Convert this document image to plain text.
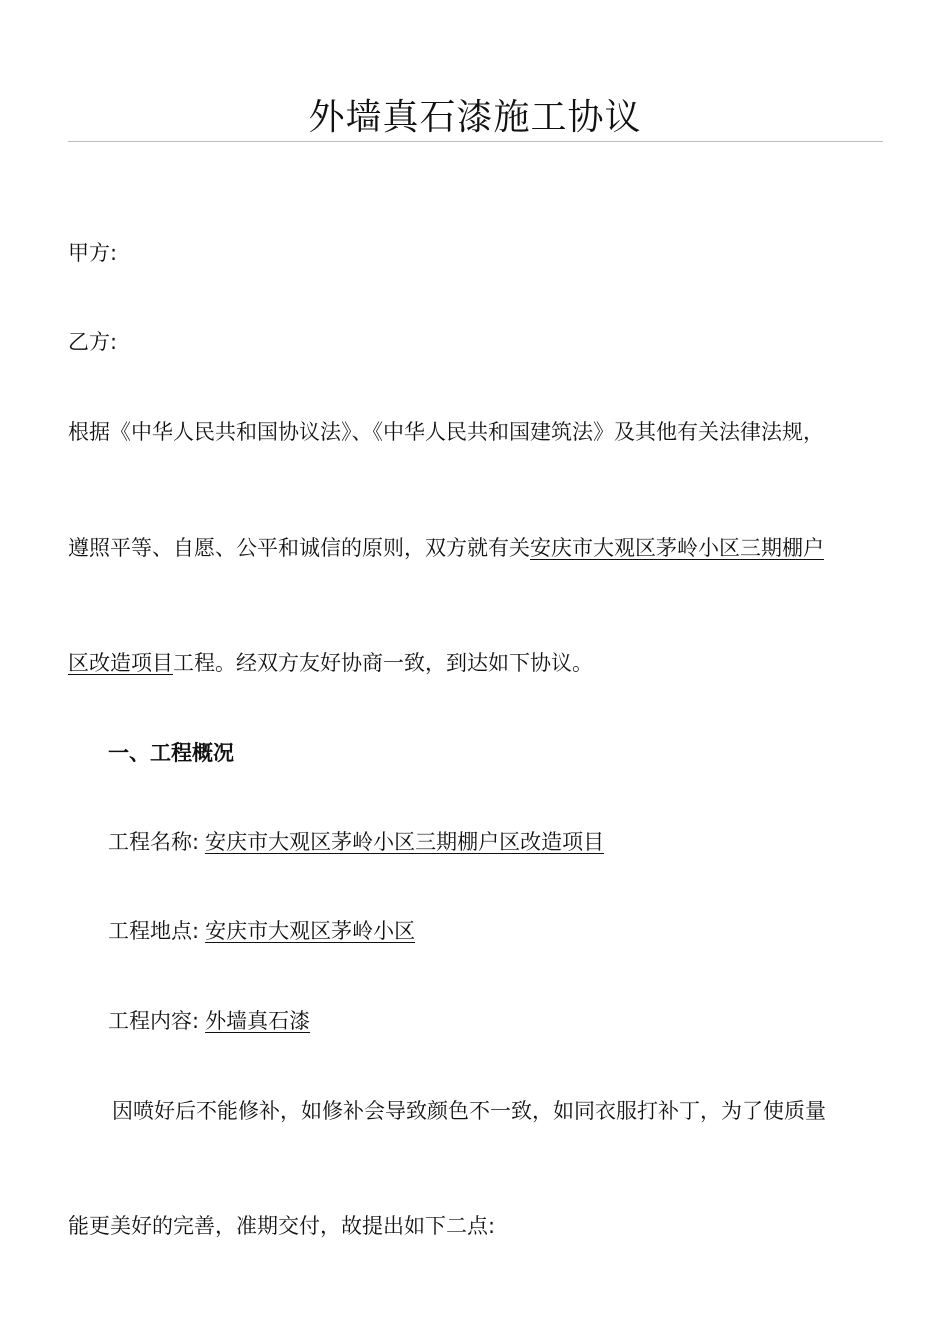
外墙真石漆施工协议
甲方:
乙方:
根据《中华人民共和国协议法》、《中华人民共和国建筑法》及其他有关法律法规，
遵照平等、自愿、公平和诚信的原则，双方就有关安庆市大观区茅岭小区三期棚户
区改造项目工程。经双方友好协商一致，到达如下协议。
一、工程概况
工程名称: 安庆市大观区茅岭小区三期棚户区改造项目
工程地点: 安庆市大观区茅岭小区
工程内容: 外墙真石漆
因喷好后不能修补，如修补会导致颜色不一致，如同衣服打补丁，为了使质量
能更美好的完善，准期交付，故提出如下二点:
